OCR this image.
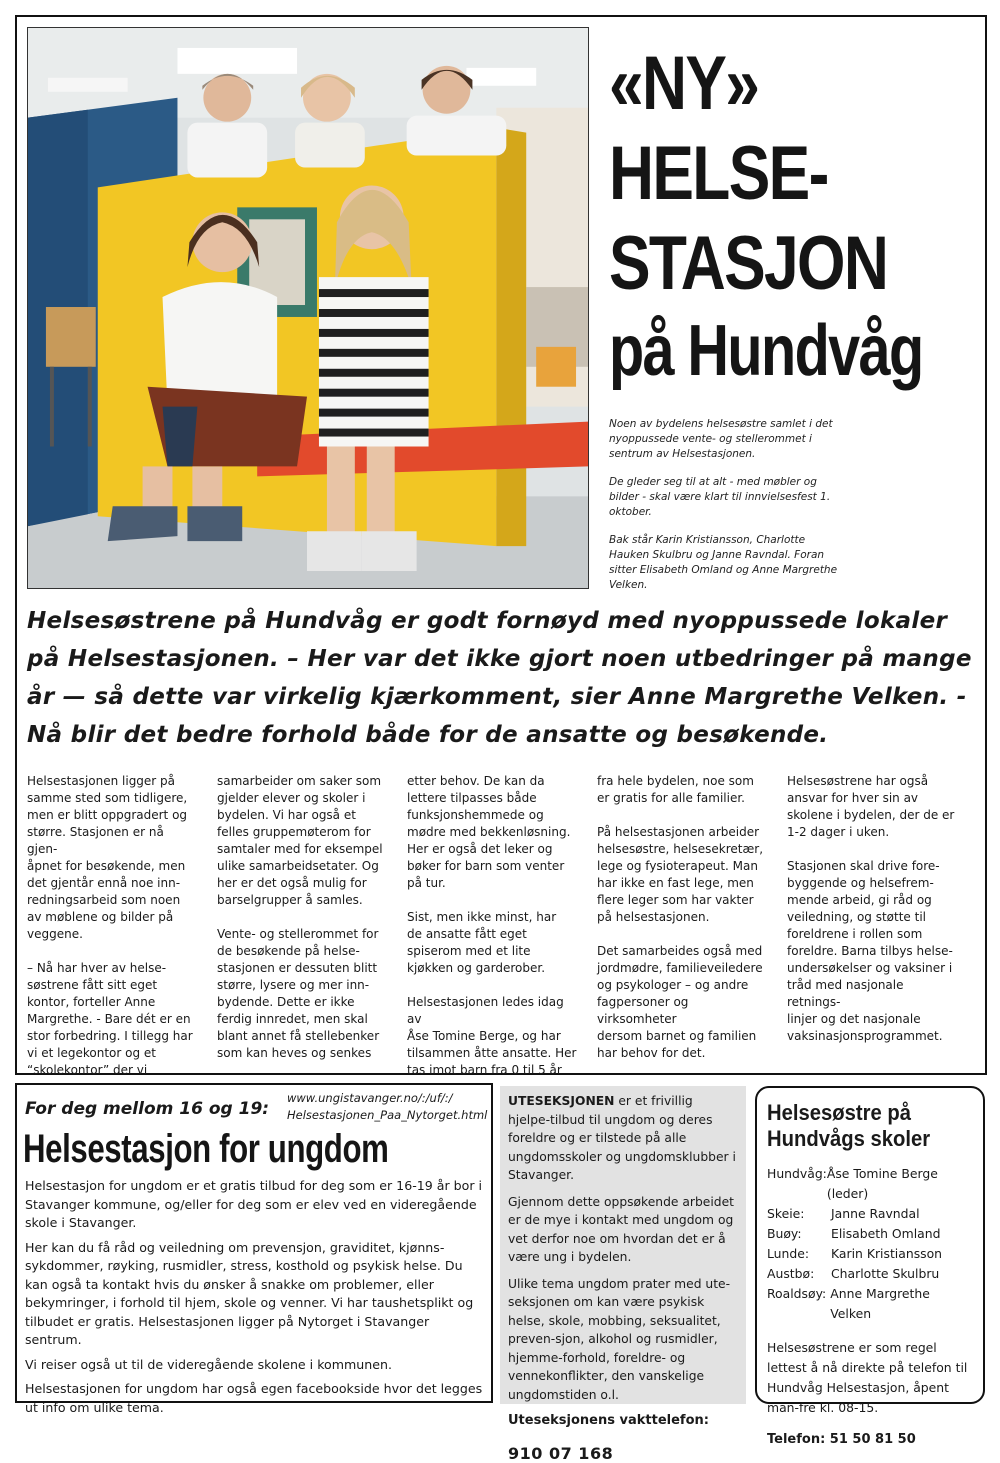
«NY»
HELSE-
STASJON
på Hundvåg

Noen av bydelens helsesøstre samlet i det nyoppussede vente- og stellerommet i sentrum av Helsestasjonen.

De gleder seg til at alt - med møbler og bilder - skal være klart til innvielsesfest 1. oktober.

Bak står Karin Kristiansson, Charlotte Hauken Skulbru og Janne Ravndal. Foran sitter Elisabeth Omland og Anne Margrethe Velken.

Helsesøstrene på Hundvåg er godt fornøyd med nyoppussede lokaler på Helsestasjonen. – Her var det ikke gjort noen utbedringer på mange år — så dette var virkelig kjærkomment, sier Anne Margrethe Velken. - Nå blir det bedre forhold både for de ansatte og besøkende.

Helsestasjonen ligger på
samme sted som tidligere,
men er blitt oppgradert og
større. Stasjonen er nå gjen-
åpnet for besøkende, men
det gjentår ennå noe inn-
redningsarbeid som noen
av møblene og bilder på
veggene.

– Nå har hver av helse-
søstrene fått sitt eget
kontor, forteller Anne
Margrethe. - Bare dét er en
stor forbedring. I tillegg har
vi et legekontor og et
“skolekontor” der vi

samarbeider om saker som
gjelder elever og skoler i
bydelen. Vi har også et
felles gruppemøterom for
samtaler med for eksempel
ulike samarbeidsetater. Og
her er det også mulig for
barselgrupper å samles.

Vente- og stellerommet for
de besøkende på helse-
stasjonen er dessuten blitt
større, lysere og mer inn-
bydende. Dette er ikke
ferdig innredet, men skal
blant annet få stellebenker
som kan heves og senkes

etter behov. De kan da
lettere tilpasses både
funksjonshemmede og
mødre med bekkenløsning.
Her er også det leker og
bøker for barn som venter
på tur.

Sist, men ikke minst, har
de ansatte fått eget
spiserom med et lite
kjøkken og garderober.

Helsestasjonen ledes idag av
Åse Tomine Berge, og har
tilsammen åtte ansatte. Her
tas imot barn fra 0 til 5 år

fra hele bydelen, noe som
er gratis for alle familier.

På helsestasjonen arbeider
helsesøstre, helsesekretær,
lege og fysioterapeut. Man
har ikke en fast lege, men
flere leger som har vakter
på helsestasjonen.

Det samarbeides også med
jordmødre, familieveiledere
og psykologer – og andre
fagpersoner og virksomheter
dersom barnet og familien
har behov for det.

Helsesøstrene har også
ansvar for hver sin av
skolene i bydelen, der de er
1-2 dager i uken.

Stasjonen skal drive fore-
byggende og helsefrem-
mende arbeid, gi råd og
veiledning, og støtte til
foreldrene i rollen som
foreldre. Barna tilbys helse-
undersøkelser og vaksiner i
tråd med nasjonale retnings-
linjer og det nasjonale
vaksinasjonsprogrammet.

For deg mellom 16 og 19:
www.ungistavanger.no/:/uf/:/
Helsestasjonen_Paa_Nytorget.html
Helsestasjon for ungdom

Helsestasjon for ungdom er et gratis tilbud for deg som er 16-19 år bor i Stavanger kommune, og/eller for deg som er elev ved en videregående skole i Stavanger.

Her kan du få råd og veiledning om prevensjon, graviditet, kjønns-sykdommer, røyking, rusmidler, stress, kosthold og psykisk helse. Du kan også ta kontakt hvis du ønsker å snakke om problemer, eller bekymringer, i forhold til hjem, skole og venner. Vi har taushetsplikt og tilbudet er gratis. Helsestasjonen ligger på Nytorget i Stavanger sentrum.

Vi reiser også ut til de videregående skolene i kommunen.

Helsestasjonen for ungdom har også egen facebookside hvor det legges ut info om ulike tema.

UTESEKSJONEN er et frivillig hjelpe-tilbud til ungdom og deres foreldre og er tilstede på alle ungdomsskoler og ungdomsklubber i Stavanger.

Gjennom dette oppsøkende arbeidet er de mye i kontakt med ungdom og vet derfor noe om hvordan det er å være ung i bydelen.

Ulike tema ungdom prater med ute-seksjonen om kan være psykisk helse, skole, mobbing, seksualitet, preven-sjon, alkohol og rusmidler, hjemme-forhold, foreldre- og vennekonflikter, den vanskelige ungdomstiden o.l.

Uteseksjonens vakttelefon:
910 07 168
Helsesøstre på
Hundvågs skoler
Hundvåg: Åse Tomine Berge (leder)
Skeie:	Janne Ravndal
Buøy:	Elisabeth Omland
Lunde:	Karin Kristiansson
Austbø:	Charlotte Skulbru
Roaldsøy: Anne Margrethe Velken
Helsesøstrene er som regel lettest å nå direkte på telefon til Hundvåg Helsestasjon, åpent man-fre kl. 08-15.
Telefon: 51 50 81 50
